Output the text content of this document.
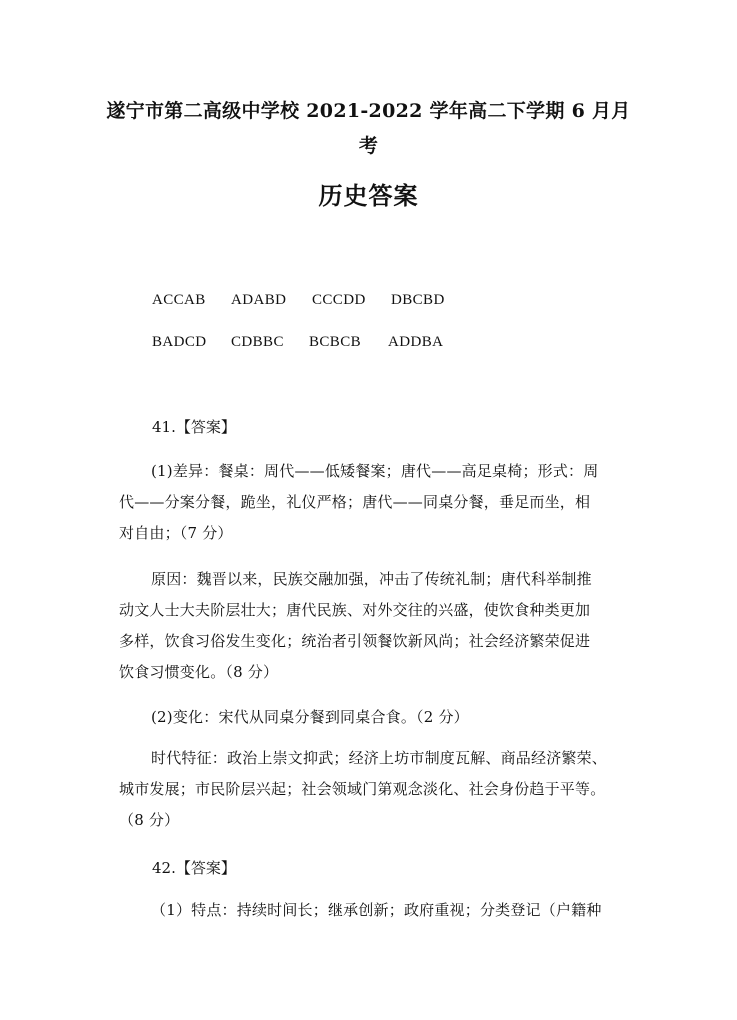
遂宁市第二高级中学校 2021-2022 学年高二下学期 6 月月
考
历史答案
ACCAB ADABD CCCDD DBCBD
BADCD CDBBC BCBCB ADDBA
41.【答案】
(1)差异：餐桌：周代——低矮餐案；唐代——高足桌椅；形式：周
代——分案分餐，跪坐，礼仪严格；唐代——同桌分餐，垂足而坐，相
对自由；（7 分）
原因：魏晋以来，民族交融加强，冲击了传统礼制；唐代科举制推
动文人士大夫阶层壮大；唐代民族、对外交往的兴盛，使饮食种类更加
多样，饮食习俗发生变化；统治者引领餐饮新风尚；社会经济繁荣促进
饮食习惯变化。（8 分）
(2)变化：宋代从同桌分餐到同桌合食。（2 分）
时代特征：政治上崇文抑武；经济上坊市制度瓦解、商品经济繁荣、
城市发展；市民阶层兴起；社会领域门第观念淡化、社会身份趋于平等。
（8 分）
42.【答案】
（1）特点：持续时间长；继承创新；政府重视；分类登记（户籍种
